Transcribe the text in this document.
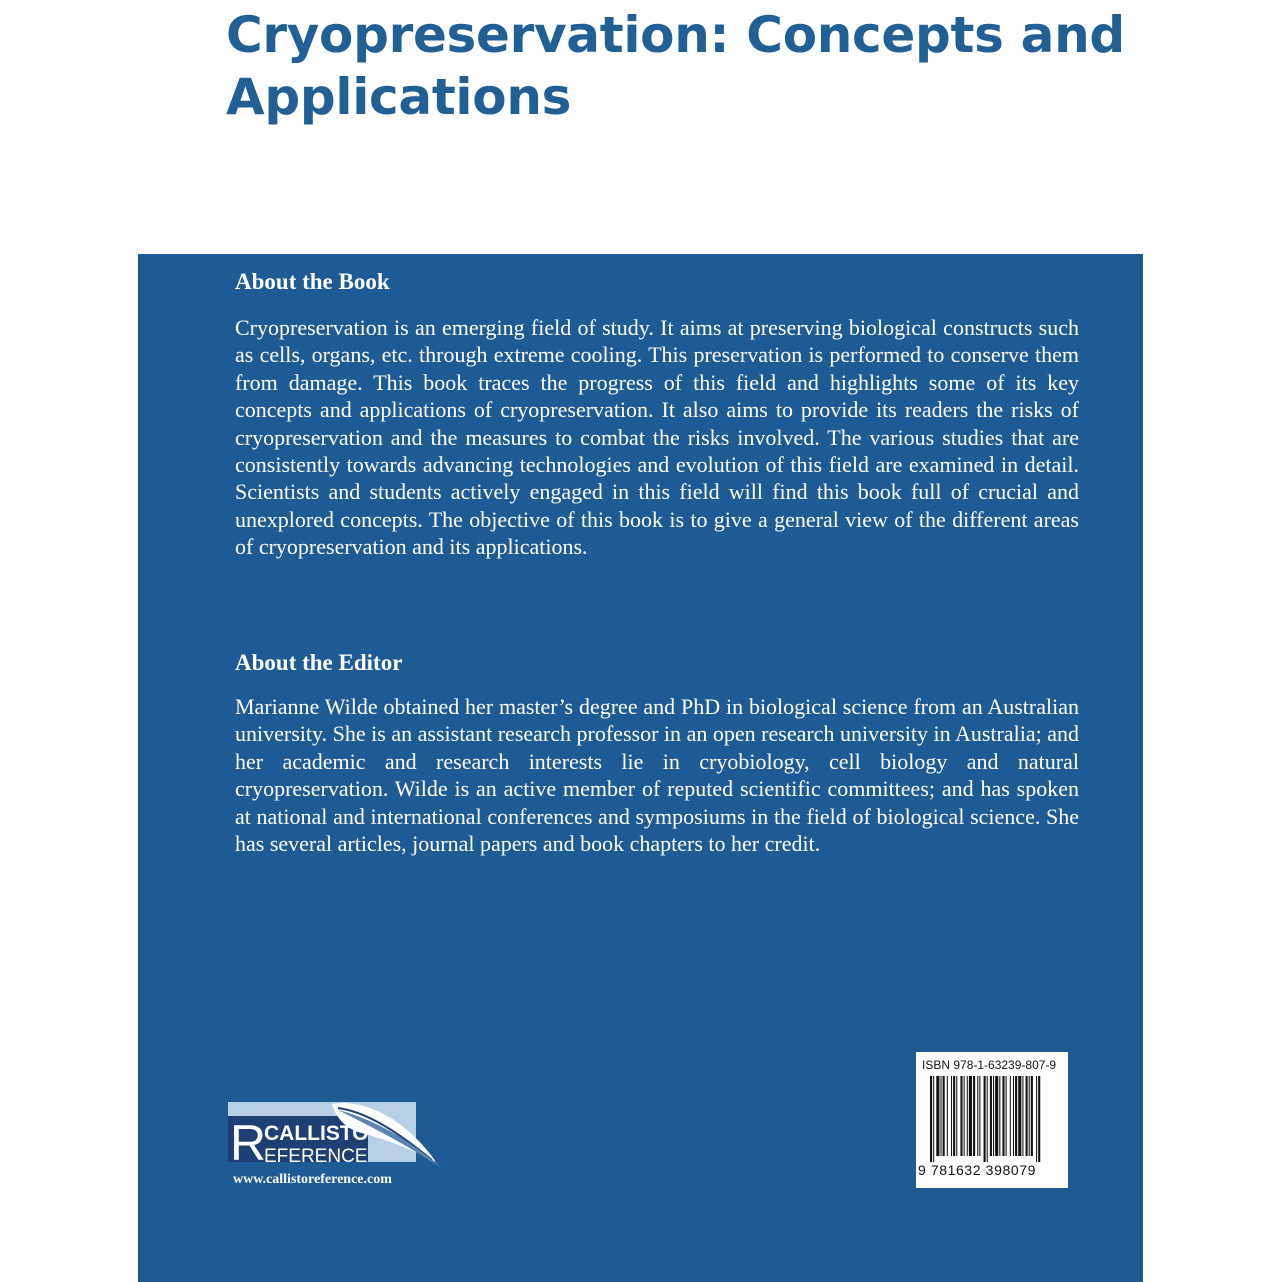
Cryopreservation: Concepts and Applications
About the Book

Cryopreservation is an emerging field of study. It aims at preserving biological constructs such as cells, organs, etc. through extreme cooling. This preservation is performed to conserve them from damage. This book traces the progress of this field and highlights some of its key concepts and applications of cryopreservation. It also aims to provide its readers the risks of cryopreservation and the measures to combat the risks involved. The various studies that are consistently towards advancing technologies and evolution of this field are examined in detail. Scientists and students actively engaged in this field will find this book full of crucial and unexplored concepts. The objective of this book is to give a general view of the different areas of cryopreservation and its applications.

About the Editor

Marianne Wilde obtained her master’s degree and PhD in biological science from an Australian university. She is an assistant research professor in an open research university in Australia; and her academic and research interests lie in cryobiology, cell biology and natural cryopreservation. Wilde is an active member of reputed scientific committees; and has spoken at national and international conferences and symposiums in the field of biological science. She has several articles, journal papers and book chapters to her credit.

R
CALLISTO
EFERENCE
www.callistoreference.com
ISBN 978-1-63239-807-9
9 781632 398079
